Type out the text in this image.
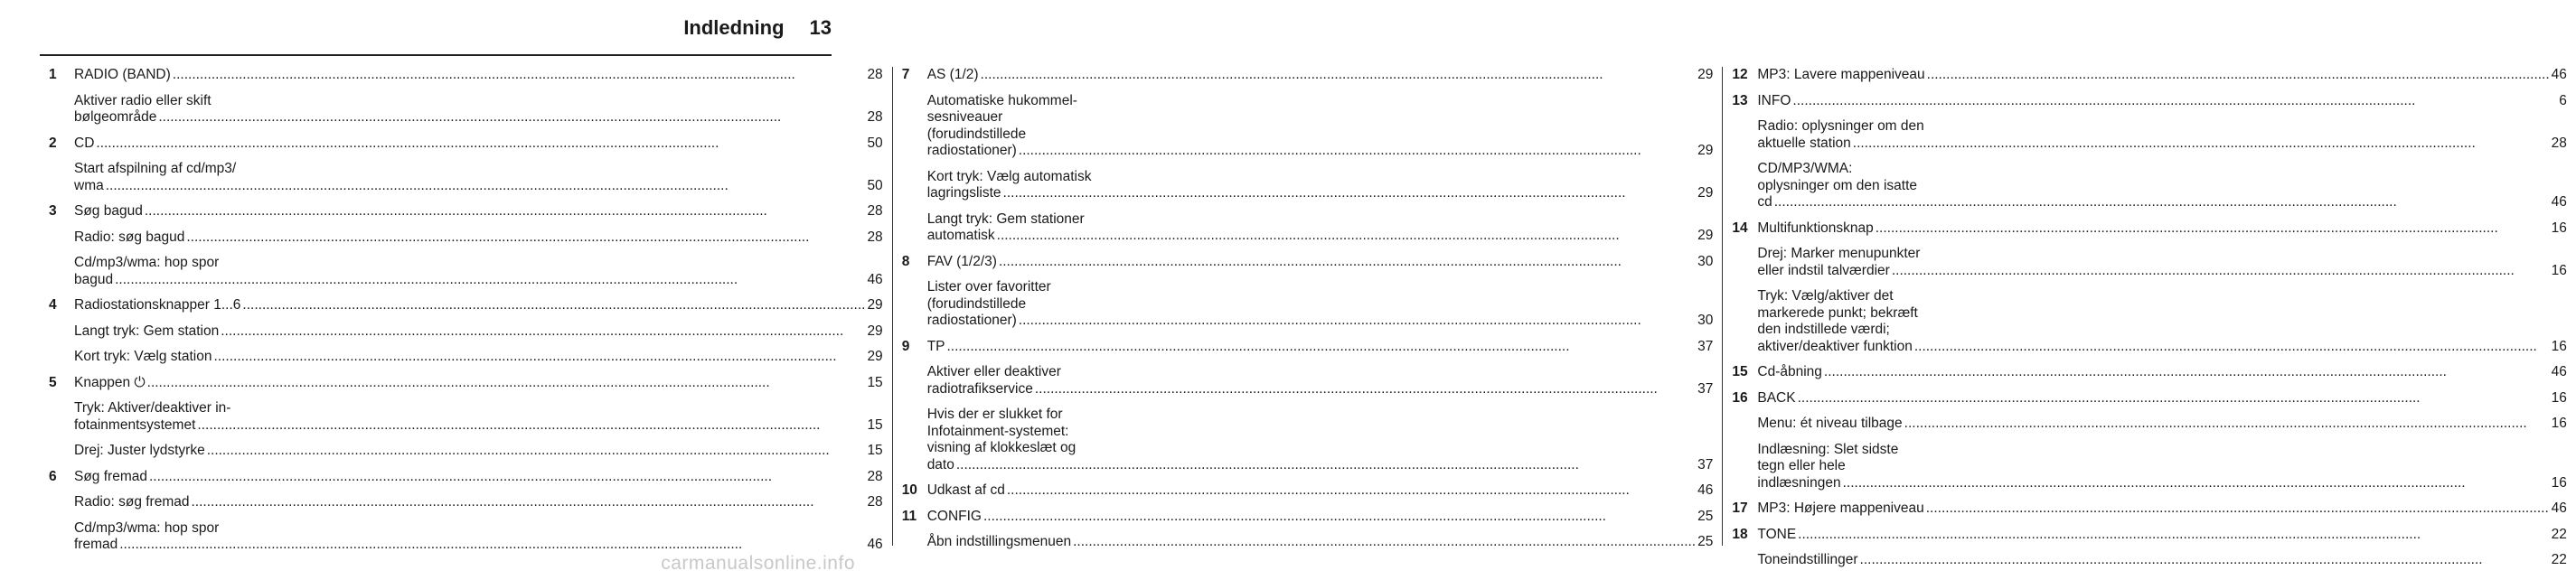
Indledning 13
1	RADIO (BAND) .....	28
Aktiver radio eller skift
bølgeområde .....	28
2	CD .....	50
Start afspilning af cd/mp3/
wma .....	50
3	Søg bagud .....	28
Radio: søg bagud .....	28
Cd/mp3/wma: hop spor
bagud .....	46
4	Radiostationsknapper 1...6 .....	29
Langt tryk: Gem station .....	29
Kort tryk: Vælg station .....	29
5	Knappen ⏻ .....	15
Tryk: Aktiver/deaktiver in-
fotainmentsystemet .....	15
Drej: Juster lydstyrke .....	15
6	Søg fremad .....	28
Radio: søg fremad .....	28
Cd/mp3/wma: hop spor
fremad .....	46
7	AS (1/2) .....	29
Automatiske hukommel-
sesniveauer
(forudindstillede
radiostationer) .....	29
Kort tryk: Vælg automatisk
lagringsliste .....	29
Langt tryk: Gem stationer
automatisk .....	29
8	FAV (1/2/3) .....	30
Lister over favoritter
(forudindstillede
radiostationer) .....	30
9	TP .....	37
Aktiver eller deaktiver
radiotrafikservice .....	37
Hvis der er slukket for
Infotainment-systemet:
visning af klokkeslæt og
dato .....	37
10 Udkast af cd .....	46
11 CONFIG .....	25
Åbn indstillingsmenuen .....	25
12 MP3: Lavere mappeniveau .....	46
13 INFO .....	6
Radio: oplysninger om den
aktuelle station .....	28
CD/MP3/WMA:
oplysninger om den isatte
cd .....	46
14 Multifunktionsknap .....	16
Drej: Marker menupunkter
eller indstil talværdier .....	16
Tryk: Vælg/aktiver det
markerede punkt; bekræft
den indstillede værdi;
aktiver/deaktiver funktion .....	16
15 Cd-åbning .....	46
16 BACK .....	16
Menu: ét niveau tilbage .....	16
Indlæsning: Slet sidste
tegn eller hele
indlæsningen .....	16
17 MP3: Højere mappeniveau .....	46
18 TONE .....	22
Toneindstillinger .....	22
carmanualsonline.info
